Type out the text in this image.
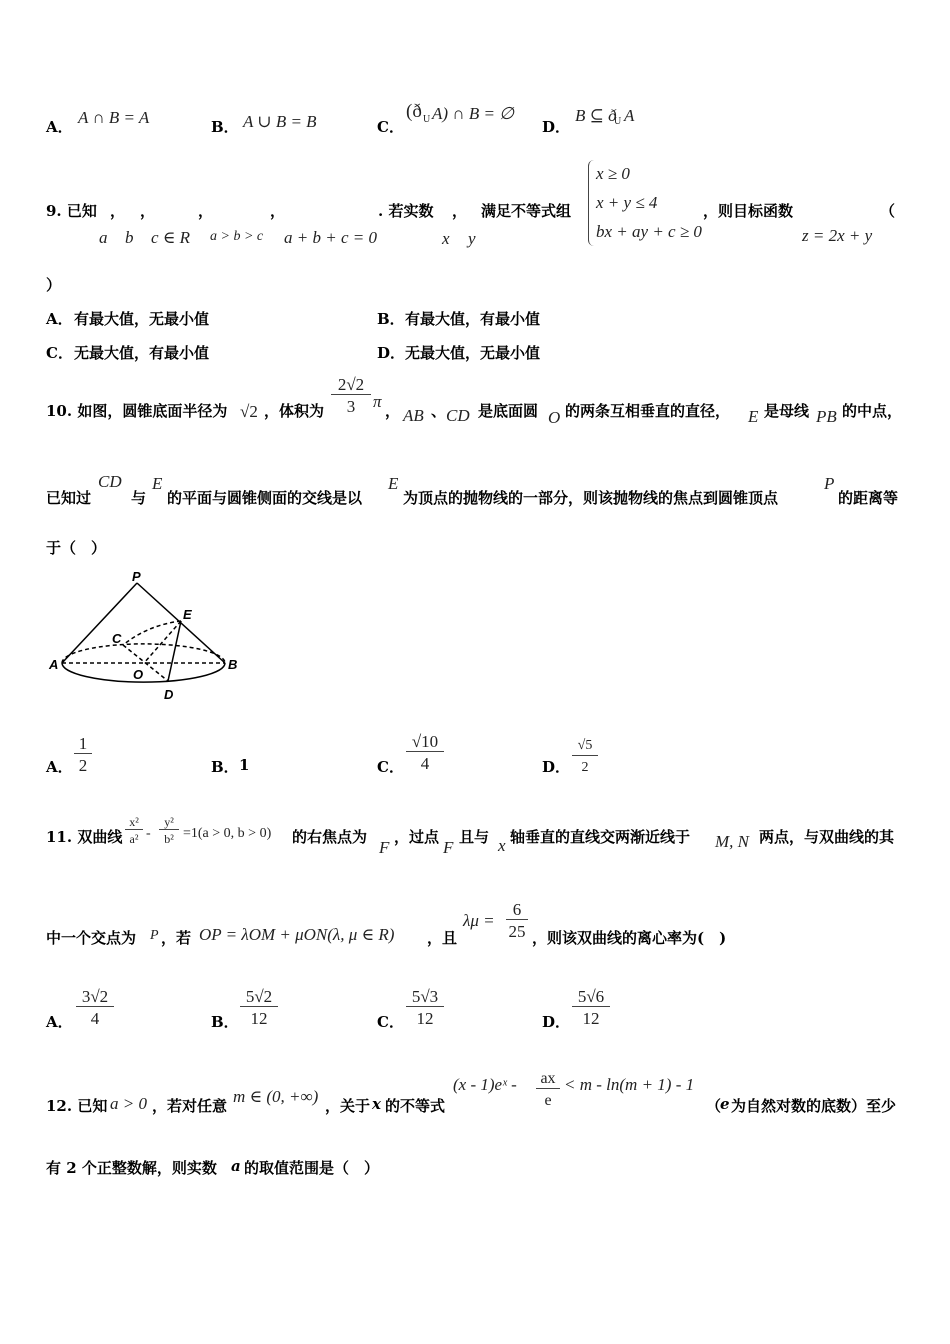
A． A ∩ B = A	B． A ∪ B = B	C．
(ð U A) ∩ B = ∅
D．
B ⊆ ð
U A
9. 已知 ， ，	，	，	. 若实数 ， 满足不等式组	，则目标函数	（
a b c ∈ R a > b > c a + b + c = 0	x y	z = 2x + y
x ≥ 0
x + y ≤ 4
bx + ay + c ≥ 0
）
A． 有最大值，无最小值	B． 有最大值，有最小值
C． 无最大值，有最小值	D． 无最大值，无最小值
10. 如图，圆锥底面半径为 √2 ，体积为 $\frac{2√2}{3}$ π ， AB 、 CD 是底面圆 O 的两条互相垂直的直径， E 是母线 PB 的中点，
已知过
CD
与
E
的平面与圆锥侧面的交线是以
E
为顶点的抛物线的一部分，则该抛物线的焦点到圆锥顶点
P
的距离等
于（　）
P
E
C
A
O
B
D
A． $\frac{1}{2}$	B． 1	C． $\frac{√10}{4}$	D． $\frac{√5}{2}$
11. 双曲线 $\frac{\text{x²}}{\text{a²}} - \frac{\text{y²}}{\text{b²}} =1(a > 0$, b > 0) 的右焦点为
F
，过点
F
且与 x 轴垂直的直线交两渐近线于 M, N 两点，与双曲线的其
中一个交点为 P ，若 OP = λOM + μON(λ, μ ∈ R) ，且
$\lambda\mu = \frac{6}{25}$ ，则该双曲线的离心率为(　)
A． $\frac{3√2}{4}$	B． $\frac{5√2}{12}$	C． $\frac{5√3}{12}$	D． $\frac{5√6}{12}$
12. 已知 a > 0 ，若对任意 m ∈ (0, +∞) ，关于 x 的不等式
(x - 1)eˣ - $\frac{ax}{e} < m - \ln(m + 1) - 1$
（
e 为自然对数的底数）至少
有 2 个正整数解，则实数 a 的取值范围是（　）
